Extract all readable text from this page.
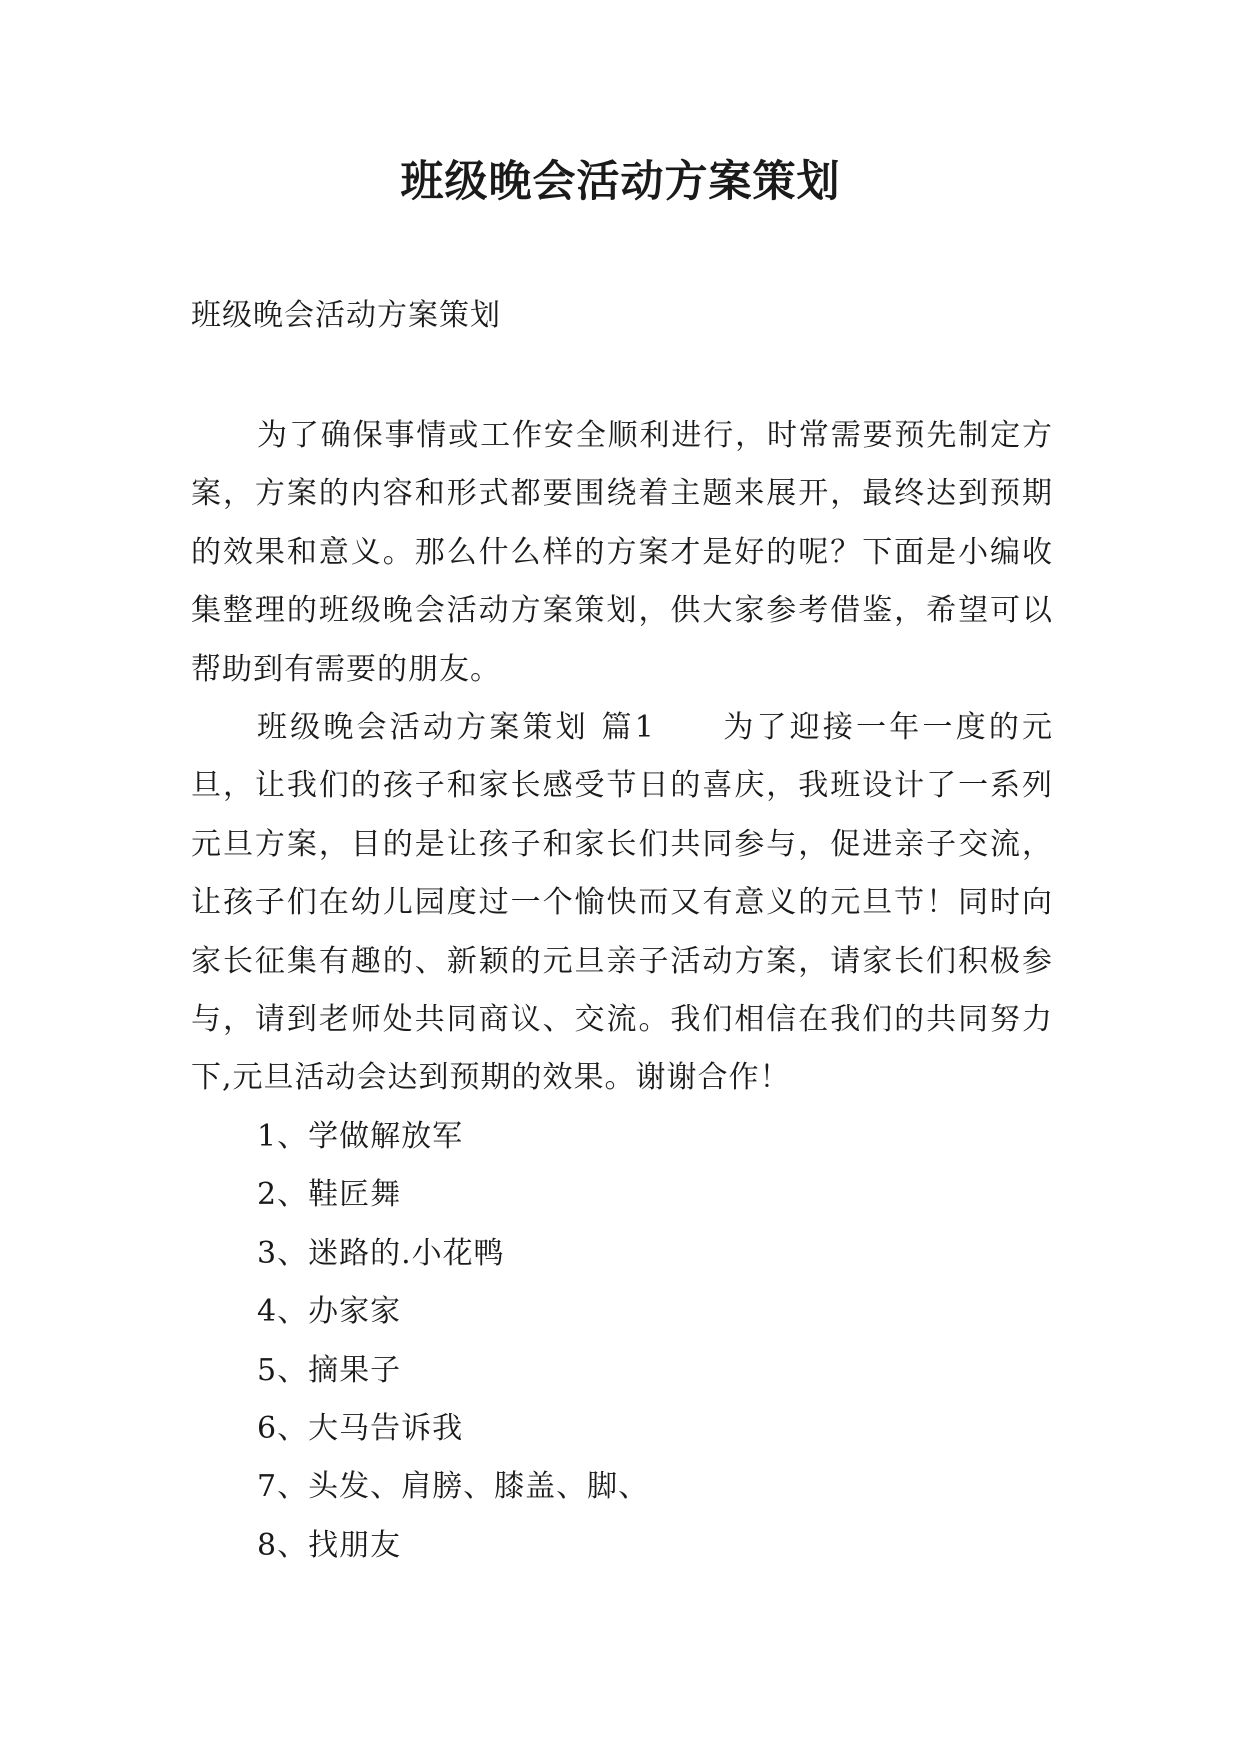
班级晚会活动方案策划

班级晚会活动方案策划

为了确保事情或工作安全顺利进行，时常需要预先制定方案，方案的内容和形式都要围绕着主题来展开，最终达到预期的效果和意义。那么什么样的方案才是好的呢？下面是小编收集整理的班级晚会活动方案策划，供大家参考借鉴，希望可以帮助到有需要的朋友。

班级晚会活动方案策划 篇1　　为了迎接一年一度的元旦，让我们的孩子和家长感受节日的喜庆，我班设计了一系列元旦方案，目的是让孩子和家长们共同参与，促进亲子交流，让孩子们在幼儿园度过一个愉快而又有意义的元旦节！同时向家长征集有趣的、新颖的元旦亲子活动方案，请家长们积极参与，请到老师处共同商议、交流。我们相信在我们的共同努力下,元旦活动会达到预期的效果。谢谢合作！

1、学做解放军
2、鞋匠舞
3、迷路的.小花鸭
4、办家家
5、摘果子
6、大马告诉我
7、头发、肩膀、膝盖、脚、
8、找朋友
